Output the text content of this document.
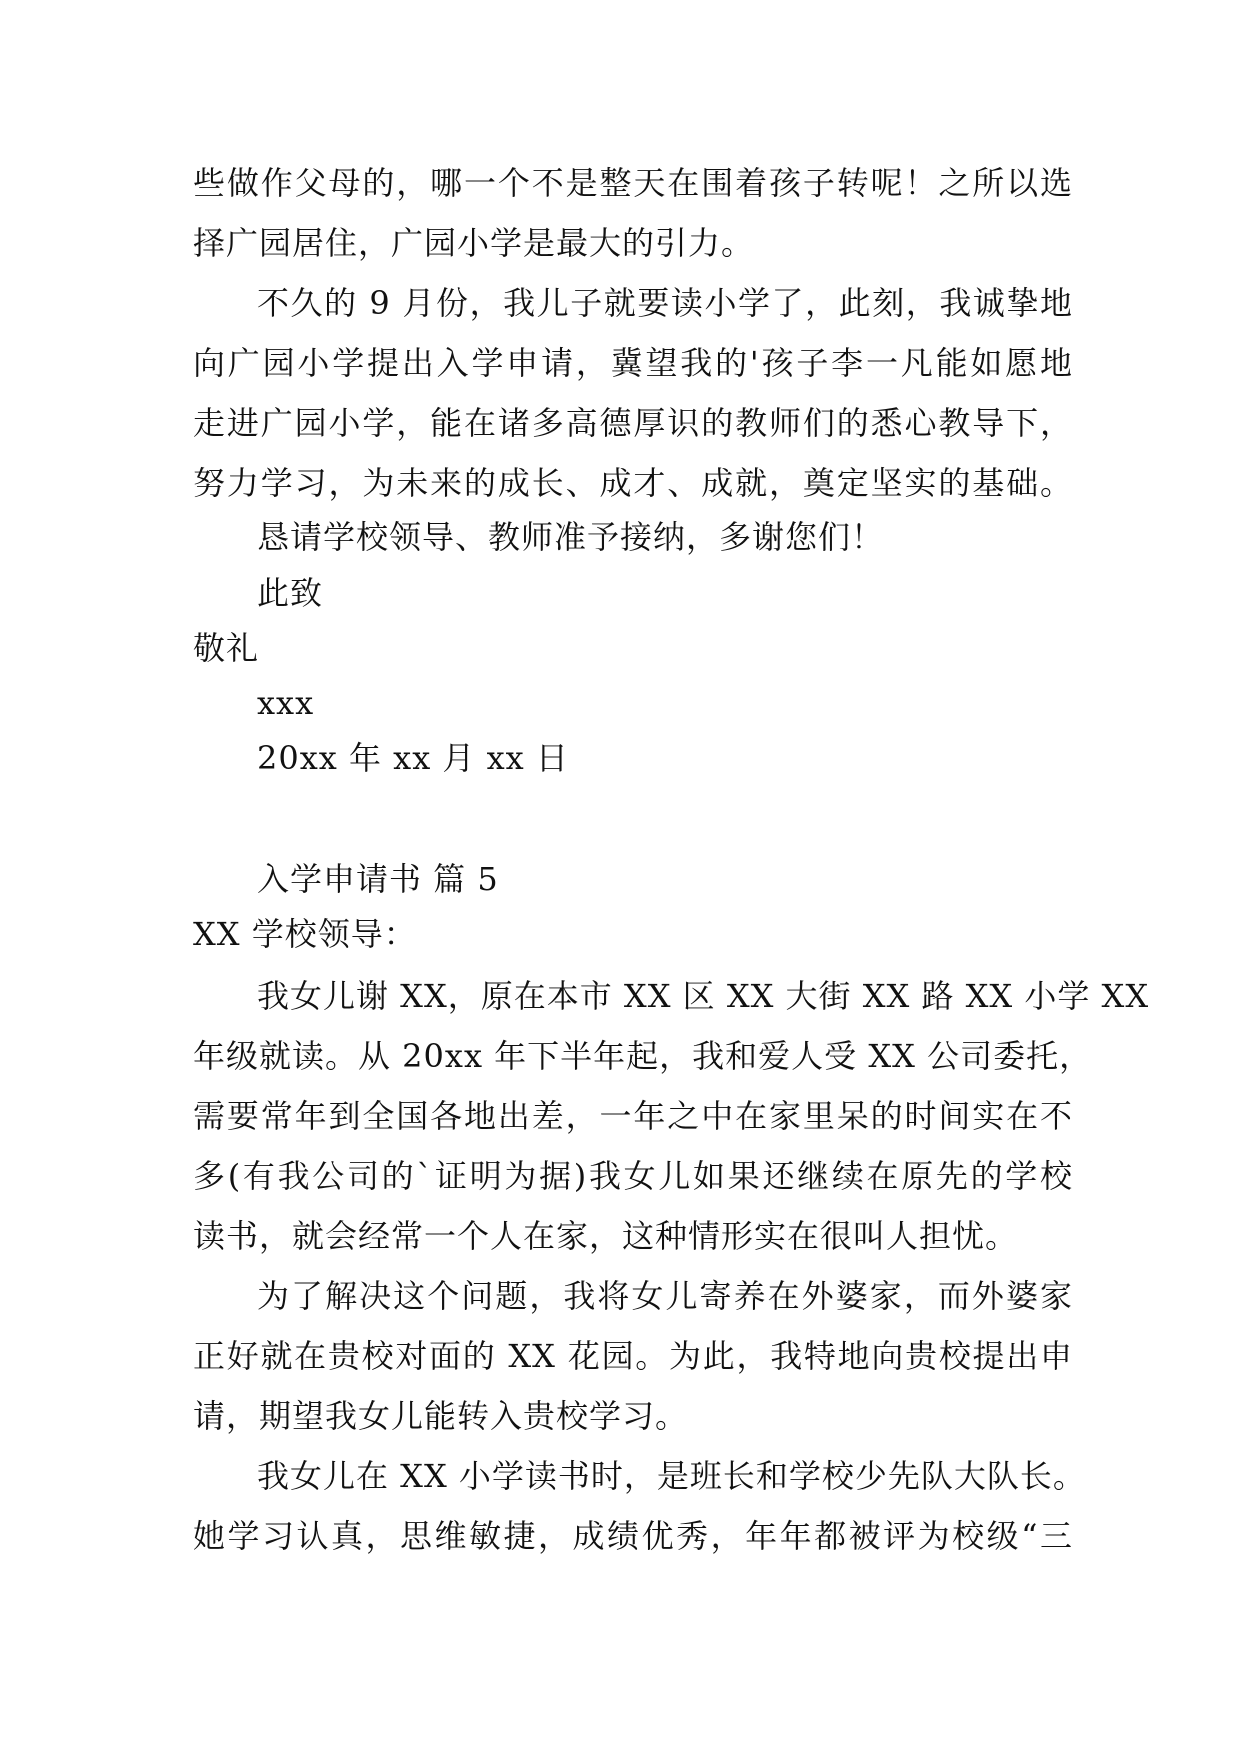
些做作父母的，哪一个不是整天在围着孩子转呢！之所以选
择广园居住，广园小学是最大的引力。
不久的 9 月份，我儿子就要读小学了，此刻，我诚挚地
向广园小学提出入学申请，冀望我的'孩子李一凡能如愿地
走进广园小学，能在诸多高德厚识的教师们的悉心教导下，
努力学习，为未来的成长、成才、成就，奠定坚实的基础。
恳请学校领导、教师准予接纳，多谢您们！
此致
敬礼
xxx
20xx 年 xx 月 xx 日
入学申请书 篇 5
XX 学校领导：
我女儿谢 XX，原在本市 XX 区 XX 大街 XX 路 XX 小学 XX
年级就读。从 20xx 年下半年起，我和爱人受 XX 公司委托，
需要常年到全国各地出差，一年之中在家里呆的时间实在不
多(有我公司的`证明为据)我女儿如果还继续在原先的学校
读书，就会经常一个人在家，这种情形实在很叫人担忧。
为了解决这个问题，我将女儿寄养在外婆家，而外婆家
正好就在贵校对面的 XX 花园。为此，我特地向贵校提出申
请，期望我女儿能转入贵校学习。
我女儿在 XX 小学读书时，是班长和学校少先队大队长。
她学习认真，思维敏捷，成绩优秀，年年都被评为校级“三
